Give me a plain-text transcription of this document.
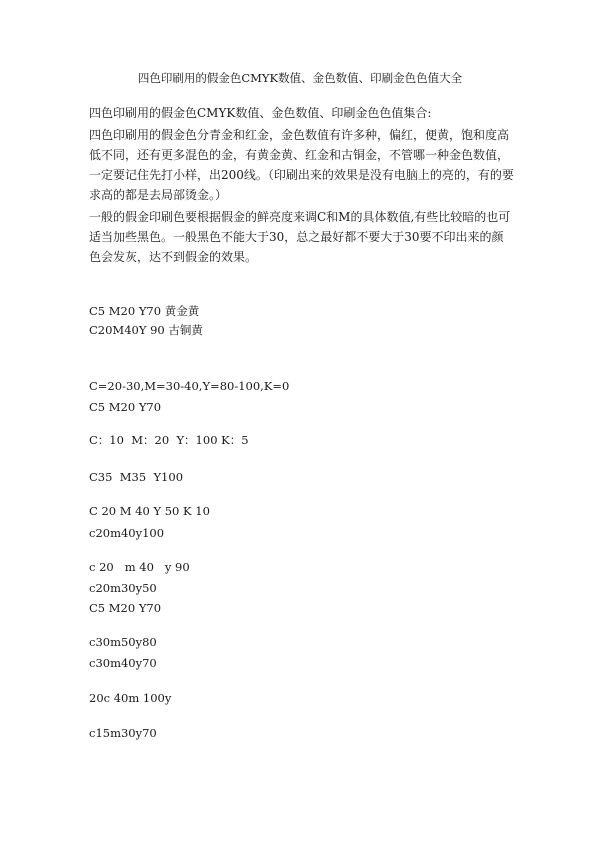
四色印刷用的假金色CMYK数值、金色数值、印刷金色色值大全

四色印刷用的假金色CMYK数值、金色数值、印刷金色色值集合:

四色印刷用的假金色分青金和红金，金色数值有许多种，偏红，便黄，饱和度高低不同，还有更多混色的金，有黄金黄、红金和古铜金，不管哪一种金色数值，一定要记住先打小样，出200线。（印刷出来的效果是没有电脑上的亮的，有的要求高的都是去局部烫金。）

一般的假金印刷色要根据假金的鲜亮度来调C和M的具体数值,有些比较暗的也可适当加些黑色。一般黑色不能大于30，总之最好都不要大于30要不印出来的颜色会发灰，达不到假金的效果。

C5 M20 Y70 黄金黄
C20M40Y 90 古铜黄
C=20-30,M=30-40,Y=80-100,K=0
C5 M20 Y70
C：10  M：20  Y：100 K：5
C35  M35  Y100
C 20 M 40 Y 50 K 10
c20m40y100
c 20   m 40   y 90
c20m30y50
C5 M20 Y70
c30m50y80
c30m40y70
20c 40m 100y
c15m30y70
